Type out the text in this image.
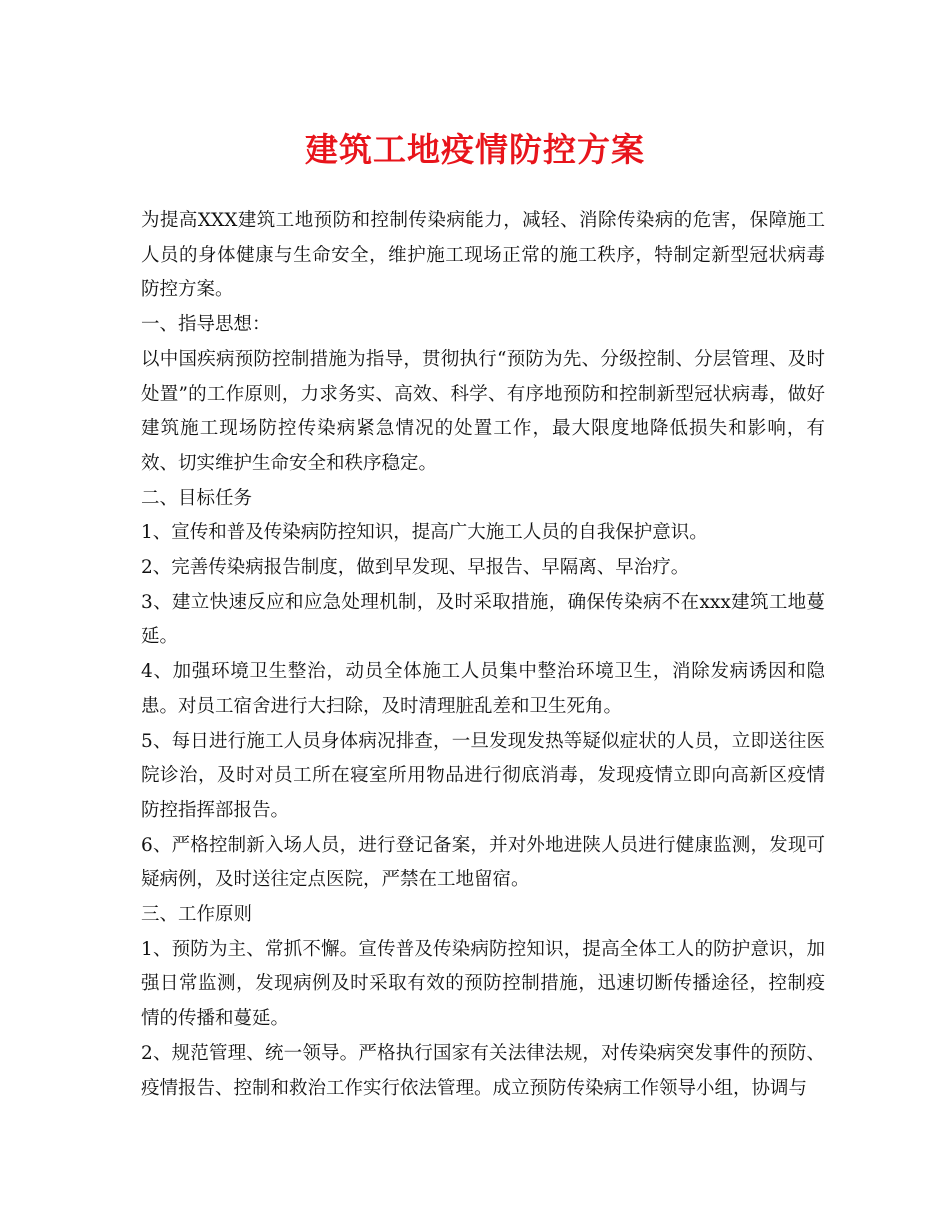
建筑工地疫情防控方案

为提高XXX建筑工地预防和控制传染病能力，减轻、消除传染病的危害，保障施工人员的身体健康与生命安全，维护施工现场正常的施工秩序，特制定新型冠状病毒防控方案。

一、指导思想：

以中国疾病预防控制措施为指导，贯彻执行“预防为先、分级控制、分层管理、及时处置”的工作原则，力求务实、高效、科学、有序地预防和控制新型冠状病毒，做好建筑施工现场防控传染病紧急情况的处置工作，最大限度地降低损失和影响，有效、切实维护生命安全和秩序稳定。

二、目标任务

1、宣传和普及传染病防控知识，提高广大施工人员的自我保护意识。

2、完善传染病报告制度，做到早发现、早报告、早隔离、早治疗。

3、建立快速反应和应急处理机制，及时采取措施，确保传染病不在xxx建筑工地蔓延。

4、加强环境卫生整治，动员全体施工人员集中整治环境卫生，消除发病诱因和隐患。对员工宿舍进行大扫除，及时清理脏乱差和卫生死角。

5、每日进行施工人员身体病况排查，一旦发现发热等疑似症状的人员，立即送往医院诊治，及时对员工所在寝室所用物品进行彻底消毒，发现疫情立即向高新区疫情防控指挥部报告。

6、严格控制新入场人员，进行登记备案，并对外地进陕人员进行健康监测，发现可疑病例，及时送往定点医院，严禁在工地留宿。

三、工作原则

1、预防为主、常抓不懈。宣传普及传染病防控知识，提高全体工人的防护意识，加强日常监测，发现病例及时采取有效的预防控制措施，迅速切断传播途径，控制疫情的传播和蔓延。

2、规范管理、统一领导。严格执行国家有关法律法规，对传染病突发事件的预防、疫情报告、控制和救治工作实行依法管理。成立预防传染病工作领导小组，协调与
